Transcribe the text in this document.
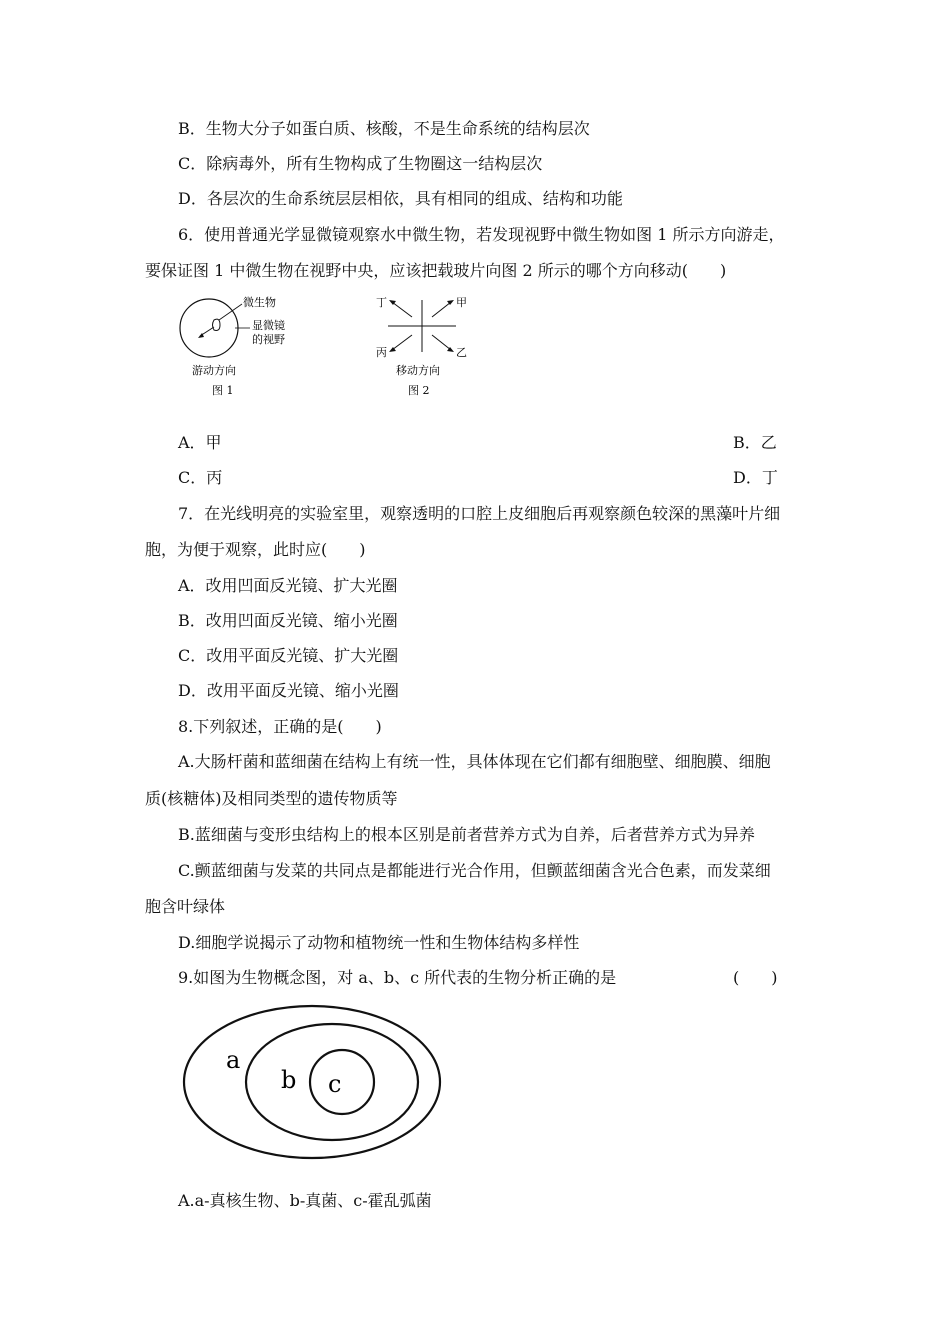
B．生物大分子如蛋白质、核酸，不是生命系统的结构层次
C．除病毒外，所有生物构成了生物圈这一结构层次
D．各层次的生命系统层层相依，具有相同的组成、结构和功能
6．使用普通光学显微镜观察水中微生物，若发现视野中微生物如图 1 所示方向游走，
要保证图 1 中微生物在视野中央，应该把载玻片向图 2 所示的哪个方向移动(　　)
微生物
显微镜
的视野
游动方向
图 1
丁	甲
丙	乙
移动方向
图 2
A．甲	B．乙
C．丙	D．丁
7．在光线明亮的实验室里，观察透明的口腔上皮细胞后再观察颜色较深的黑藻叶片细
胞，为便于观察，此时应(　　)
A．改用凹面反光镜、扩大光圈
B．改用凹面反光镜、缩小光圈
C．改用平面反光镜、扩大光圈
D．改用平面反光镜、缩小光圈
8.下列叙述，正确的是(　　)
A.大肠杆菌和蓝细菌在结构上有统一性，具体体现在它们都有细胞壁、细胞膜、细胞
质(核糖体)及相同类型的遗传物质等
B.蓝细菌与变形虫结构上的根本区别是前者营养方式为自养，后者营养方式为异养
C.颤蓝细菌与发菜的共同点是都能进行光合作用，但颤蓝细菌含光合色素，而发菜细
胞含叶绿体
D.细胞学说揭示了动物和植物统一性和生物体结构多样性
9.如图为生物概念图，对 a、b、c 所代表的生物分析正确的是	(　　)
a
b c
A.a-真核生物、b-真菌、c-霍乱弧菌
